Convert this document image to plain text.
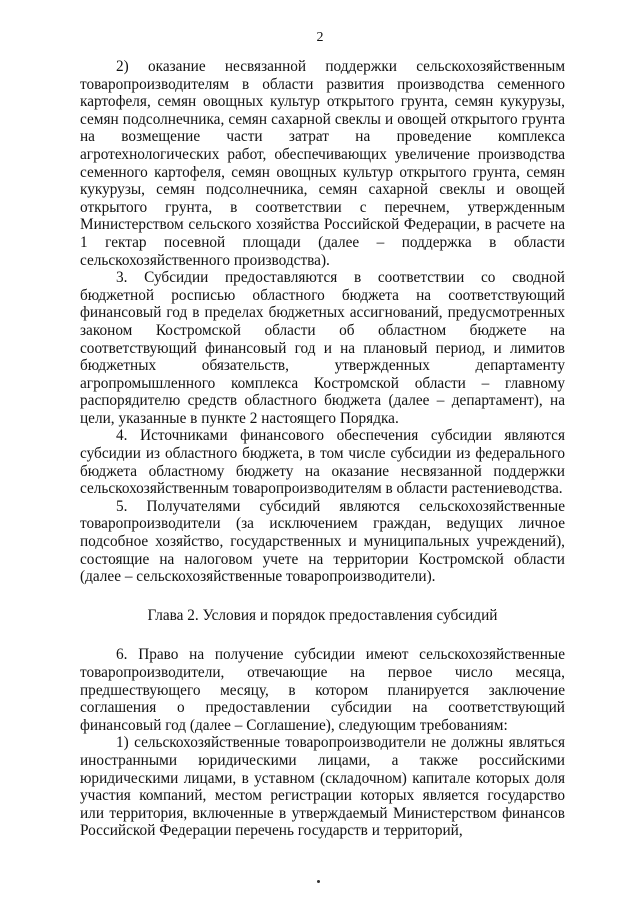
2

2) оказание несвязанной поддержки сельскохозяйственным товаропроизводителям в области развития производства семенного картофеля, семян овощных культур открытого грунта, семян кукурузы, семян подсолнечника, семян сахарной свеклы и овощей открытого грунта на возмещение части затрат на проведение комплекса агротехнологических работ, обеспечивающих увеличение производства семенного картофеля, семян овощных культур открытого грунта, семян кукурузы, семян подсолнечника, семян сахарной свеклы и овощей открытого грунта, в соответствии с перечнем, утвержденным Министерством сельского хозяйства Российской Федерации, в расчете на 1 гектар посевной площади (далее – поддержка в области сельскохозяйственного производства).

3. Субсидии предоставляются в соответствии со сводной бюджетной росписью областного бюджета на соответствующий финансовый год в пределах бюджетных ассигнований, предусмотренных законом Костромской области об областном бюджете на соответствующий финансовый год и на плановый период, и лимитов бюджетных обязательств, утвержденных департаменту агропромышленного комплекса Костромской области – главному распорядителю средств областного бюджета (далее – департамент), на цели, указанные в пункте 2 настоящего Порядка.

4. Источниками финансового обеспечения субсидии являются субсидии из областного бюджета, в том числе субсидии из федерального бюджета областному бюджету на оказание несвязанной поддержки сельскохозяйственным товаропроизводителям в области растениеводства.

5. Получателями субсидий являются сельскохозяйственные товаропроизводители (за исключением граждан, ведущих личное подсобное хозяйство, государственных и муниципальных учреждений), состоящие на налоговом учете на территории Костромской области (далее – сельскохозяйственные товаропроизводители).

Глава 2. Условия и порядок предоставления субсидий

6. Право на получение субсидии имеют сельскохозяйственные товаропроизводители, отвечающие на первое число месяца, предшествующего месяцу, в котором планируется заключение соглашения о предоставлении субсидии на соответствующий финансовый год (далее – Соглашение), следующим требованиям:

1) сельскохозяйственные товаропроизводители не должны являться иностранными юридическими лицами, а также российскими юридическими лицами, в уставном (складочном) капитале которых доля участия компаний, местом регистрации которых является государство или территория, включенные в утверждаемый Министерством финансов Российской Федерации перечень государств и территорий,
